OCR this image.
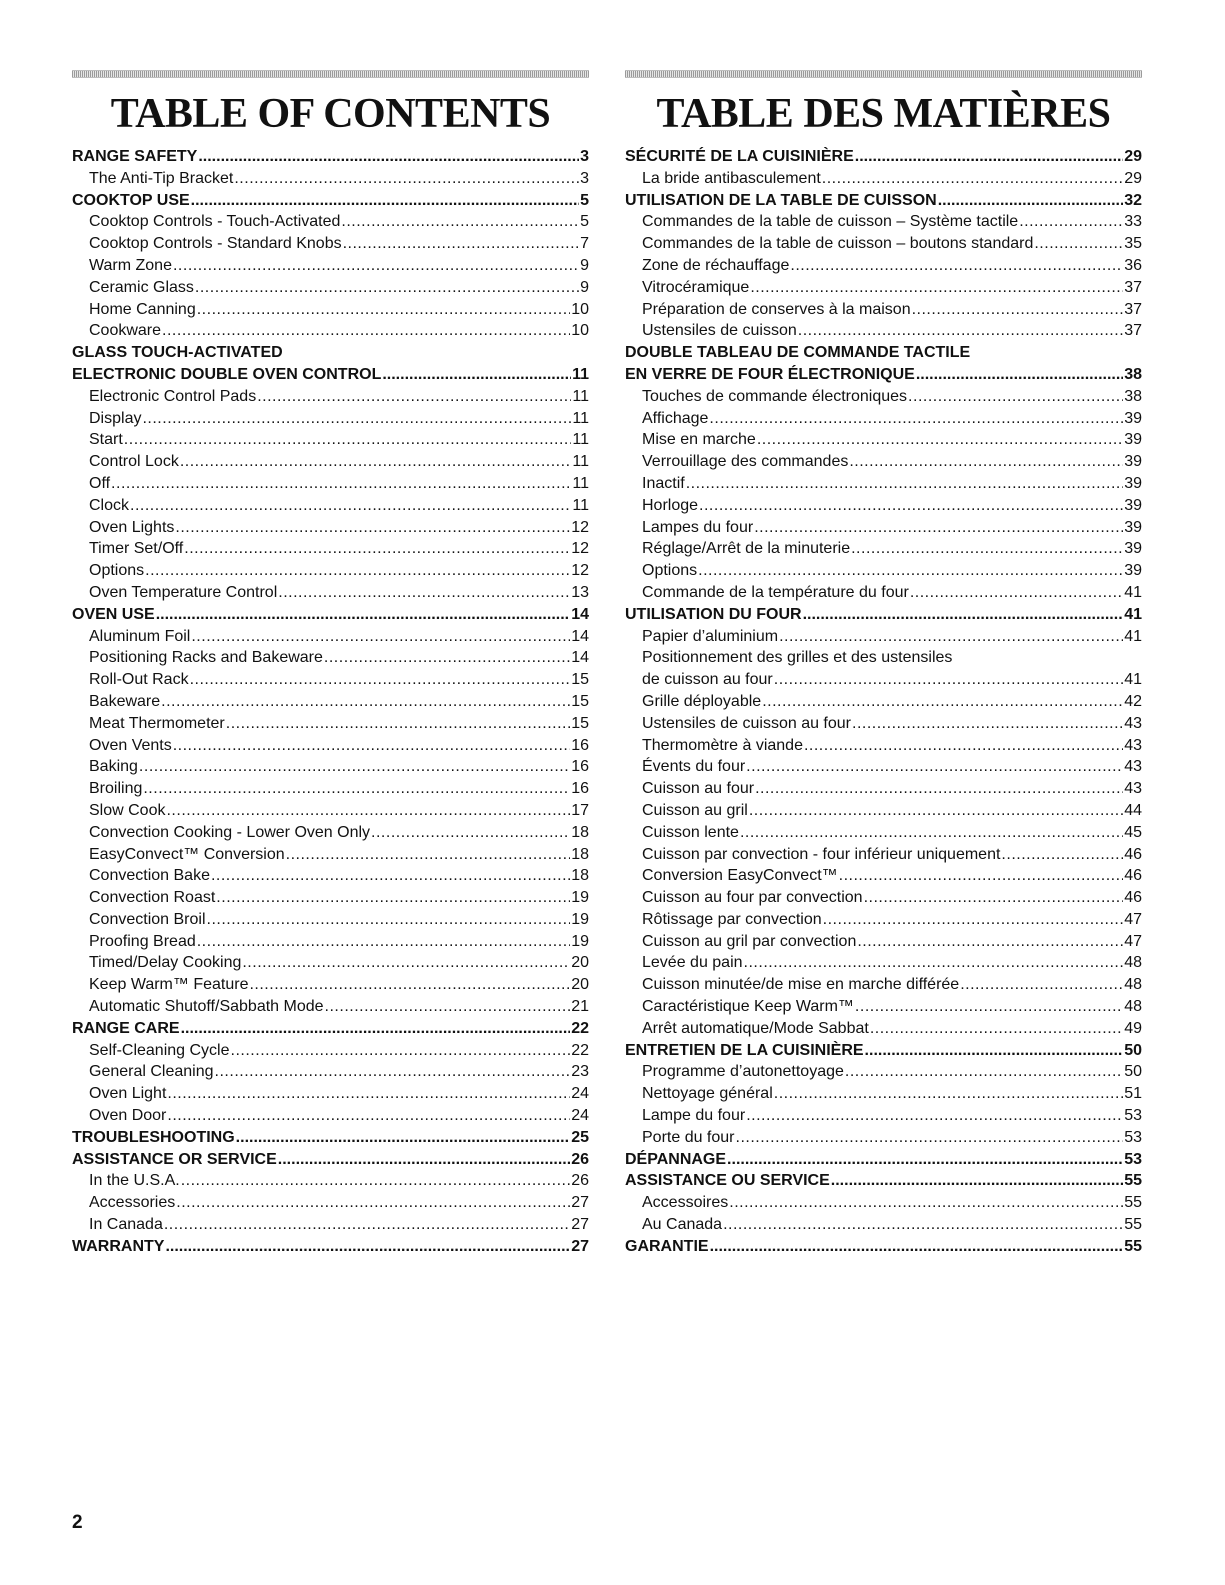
TABLE OF CONTENTS
RANGE SAFETY .....	3
The Anti-Tip Bracket .....	3
COOKTOP USE .....	5
Cooktop Controls - Touch-Activated .....	5
Cooktop Controls - Standard Knobs .....	7
Warm Zone .....	9
Ceramic Glass .....	9
Home Canning .....	10
Cookware .....	10
GLASS TOUCH-ACTIVATED
ELECTRONIC DOUBLE OVEN CONTROL .....	11
Electronic Control Pads .....	11
Display .....	11
Start .....	11
Control Lock .....	11
Off .....	11
Clock .....	11
Oven Lights .....	12
Timer Set/Off .....	12
Options .....	12
Oven Temperature Control .....	13
OVEN USE .....	14
Aluminum Foil .....	14
Positioning Racks and Bakeware .....	14
Roll-Out Rack .....	15
Bakeware .....	15
Meat Thermometer .....	15
Oven Vents .....	16
Baking .....	16
Broiling .....	16
Slow Cook .....	17
Convection Cooking - Lower Oven Only .....	18
EasyConvect™ Conversion .....	18
Convection Bake .....	18
Convection Roast .....	19
Convection Broil .....	19
Proofing Bread .....	19
Timed/Delay Cooking .....	20
Keep Warm™ Feature .....	20
Automatic Shutoff/Sabbath Mode .....	21
RANGE CARE .....	22
Self-Cleaning Cycle .....	22
General Cleaning .....	23
Oven Light .....	24
Oven Door .....	24
TROUBLESHOOTING .....	25
ASSISTANCE OR SERVICE .....	26
In the U.S.A. .....	26
Accessories .....	27
In Canada .....	27
WARRANTY .....	27
TABLE DES MATIÈRES
SÉCURITÉ DE LA CUISINIÈRE .....	29
La bride antibasculement .....	29
UTILISATION DE LA TABLE DE CUISSON .....	32
Commandes de la table de cuisson – Système tactile .....	33
Commandes de la table de cuisson – boutons standard .....	35
Zone de réchauffage .....	36
Vitrocéramique .....	37
Préparation de conserves à la maison .....	37
Ustensiles de cuisson .....	37
DOUBLE TABLEAU DE COMMANDE TACTILE
EN VERRE DE FOUR ÉLECTRONIQUE .....	38
Touches de commande électroniques .....	38
Affichage .....	39
Mise en marche .....	39
Verrouillage des commandes .....	39
Inactif .....	39
Horloge .....	39
Lampes du four .....	39
Réglage/Arrêt de la minuterie .....	39
Options .....	39
Commande de la température du four .....	41
UTILISATION DU FOUR .....	41
Papier d’aluminium .....	41
Positionnement des grilles et des ustensiles
de cuisson au four .....	41
Grille déployable .....	42
Ustensiles de cuisson au four .....	43
Thermomètre à viande .....	43
Évents du four .....	43
Cuisson au four .....	43
Cuisson au gril .....	44
Cuisson lente .....	45
Cuisson par convection - four inférieur uniquement .....	46
Conversion EasyConvect™ .....	46
Cuisson au four par convection .....	46
Rôtissage par convection .....	47
Cuisson au gril par convection .....	47
Levée du pain .....	48
Cuisson minutée/de mise en marche différée .....	48
Caractéristique Keep Warm™ .....	48
Arrêt automatique/Mode Sabbat .....	49
ENTRETIEN DE LA CUISINIÈRE .....	50
Programme d’autonettoyage .....	50
Nettoyage général .....	51
Lampe du four .....	53
Porte du four .....	53
DÉPANNAGE .....	53
ASSISTANCE OU SERVICE .....	55
Accessoires .....	55
Au Canada .....	55
GARANTIE .....	55
2
